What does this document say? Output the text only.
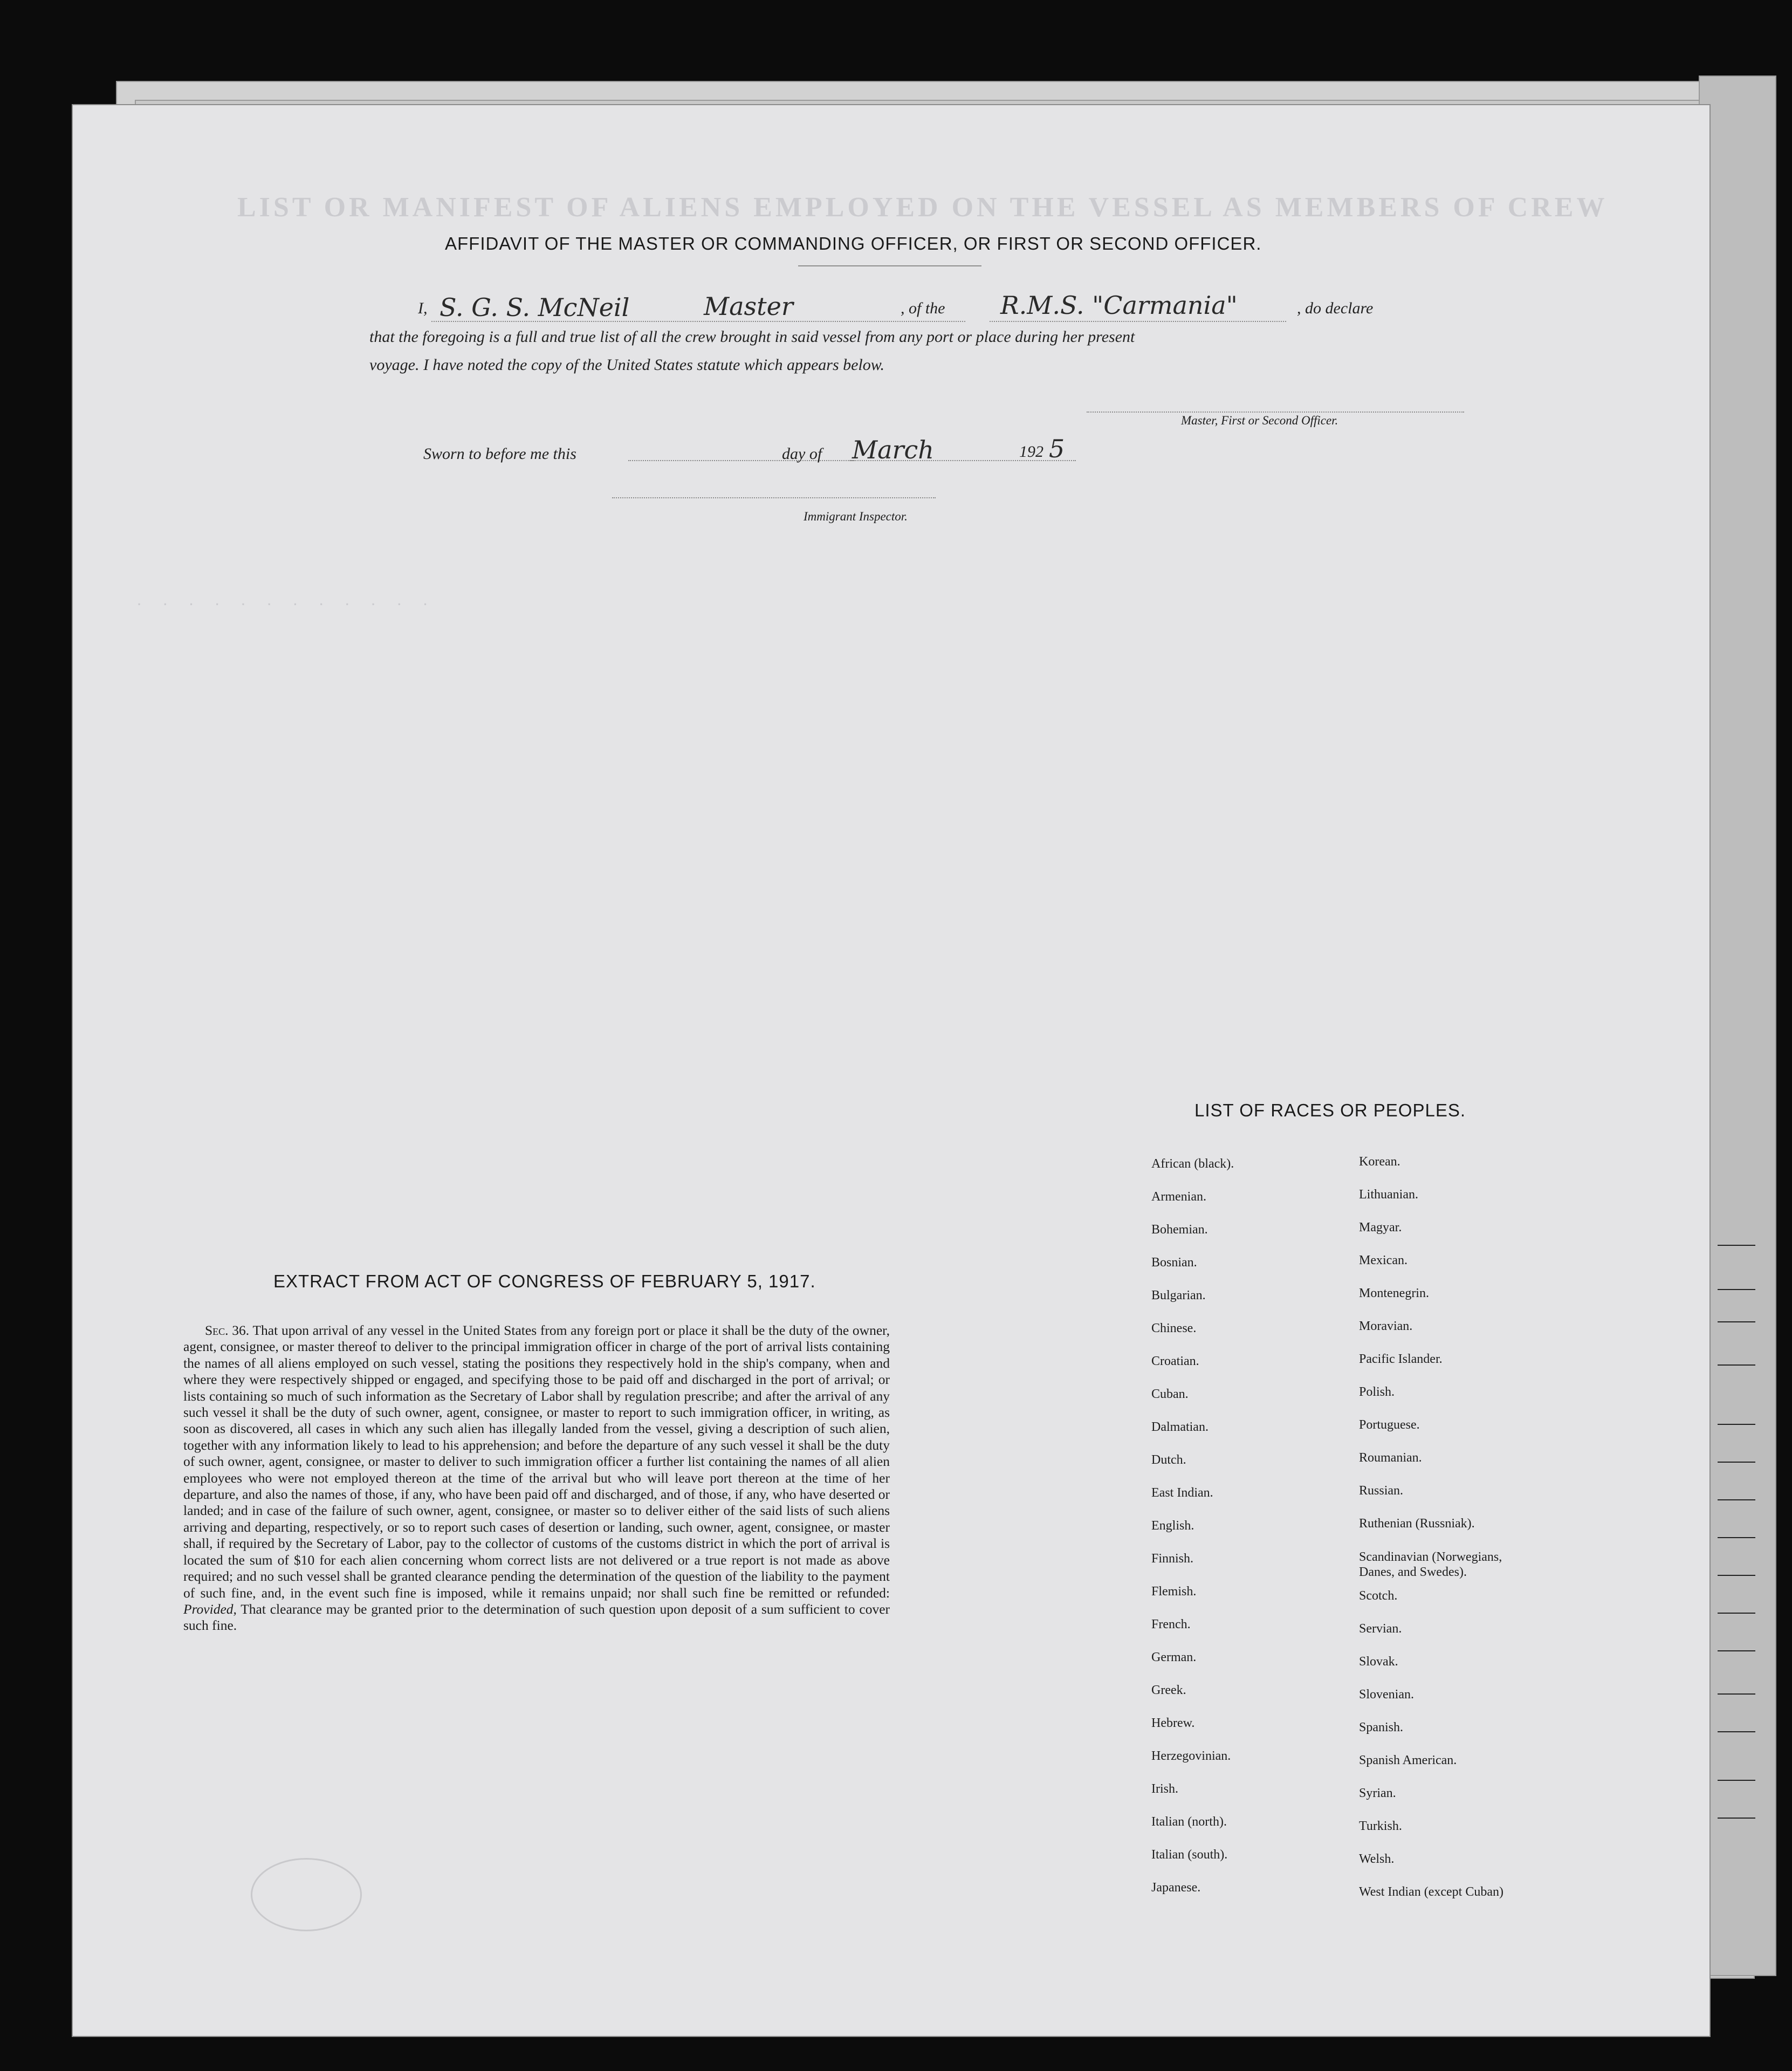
LIST OR MANIFEST OF ALIENS EMPLOYED ON THE VESSEL AS MEMBERS OF CREW
. . . . . . . . . . . .
AFFIDAVIT OF THE MASTER OR COMMANDING OFFICER, OR FIRST OR SECOND OFFICER.
I, S. G. S. McNeil	Master	, of the R.M.S. "Carmania"	, do declare
that the foregoing is a full and true list of all the crew brought in said vessel from any port or place during her present
voyage. I have noted the copy of the United States statute which appears below.
Master, First or Second Officer.
Sworn to before me this	day of March	192 5
Immigrant Inspector.
EXTRACT FROM ACT OF CONGRESS OF FEBRUARY 5, 1917.
Sec. 36. That upon arrival of any vessel in the United States from any foreign port or place it shall be the duty of the owner, agent, consignee, or master thereof to deliver to the principal immigration officer in charge of the port of arrival lists containing the names of all aliens employed on such vessel, stating the positions they respectively hold in the ship's company, when and where they were respectively shipped or engaged, and specifying those to be paid off and discharged in the port of arrival; or lists containing so much of such information as the Secretary of Labor shall by regulation prescribe; and after the arrival of any such vessel it shall be the duty of such owner, agent, consignee, or master to report to such immigration officer, in writing, as soon as discovered, all cases in which any such alien has illegally landed from the vessel, giving a description of such alien, together with any information likely to lead to his apprehension; and before the departure of any such vessel it shall be the duty of such owner, agent, consignee, or master to deliver to such immigration officer a further list containing the names of all alien employees who were not employed thereon at the time of the arrival but who will leave port thereon at the time of her departure, and also the names of those, if any, who have been paid off and discharged, and of those, if any, who have deserted or landed; and in case of the failure of such owner, agent, consignee, or master so to deliver either of the said lists of such aliens arriving and departing, respectively, or so to report such cases of desertion or landing, such owner, agent, consignee, or master shall, if required by the Secretary of Labor, pay to the collector of customs of the customs district in which the port of arrival is located the sum of $10 for each alien concerning whom correct lists are not delivered or a true report is not made as above required; and no such vessel shall be granted clearance pending the determination of the question of the liability to the payment of such fine, and, in the event such fine is imposed, while it remains unpaid; nor shall such fine be remitted or refunded: Provided, That clearance may be granted prior to the determination of such question upon deposit of a sum sufficient to cover such fine.
LIST OF RACES OR PEOPLES.
African (black).
Armenian.
Bohemian.
Bosnian.
Bulgarian.
Chinese.
Croatian.
Cuban.
Dalmatian.
Dutch.
East Indian.
English.
Finnish.
Flemish.
French.
German.
Greek.
Hebrew.
Herzegovinian.
Irish.
Italian (north).
Italian (south).
Japanese.
Korean.
Lithuanian.
Magyar.
Mexican.
Montenegrin.
Moravian.
Pacific Islander.
Polish.
Portuguese.
Roumanian.
Russian.
Ruthenian (Russniak).
Scandinavian (Norwegians, Danes, and Swedes).
Scotch.
Servian.
Slovak.
Slovenian.
Spanish.
Spanish American.
Syrian.
Turkish.
Welsh.
West Indian (except Cuban)
